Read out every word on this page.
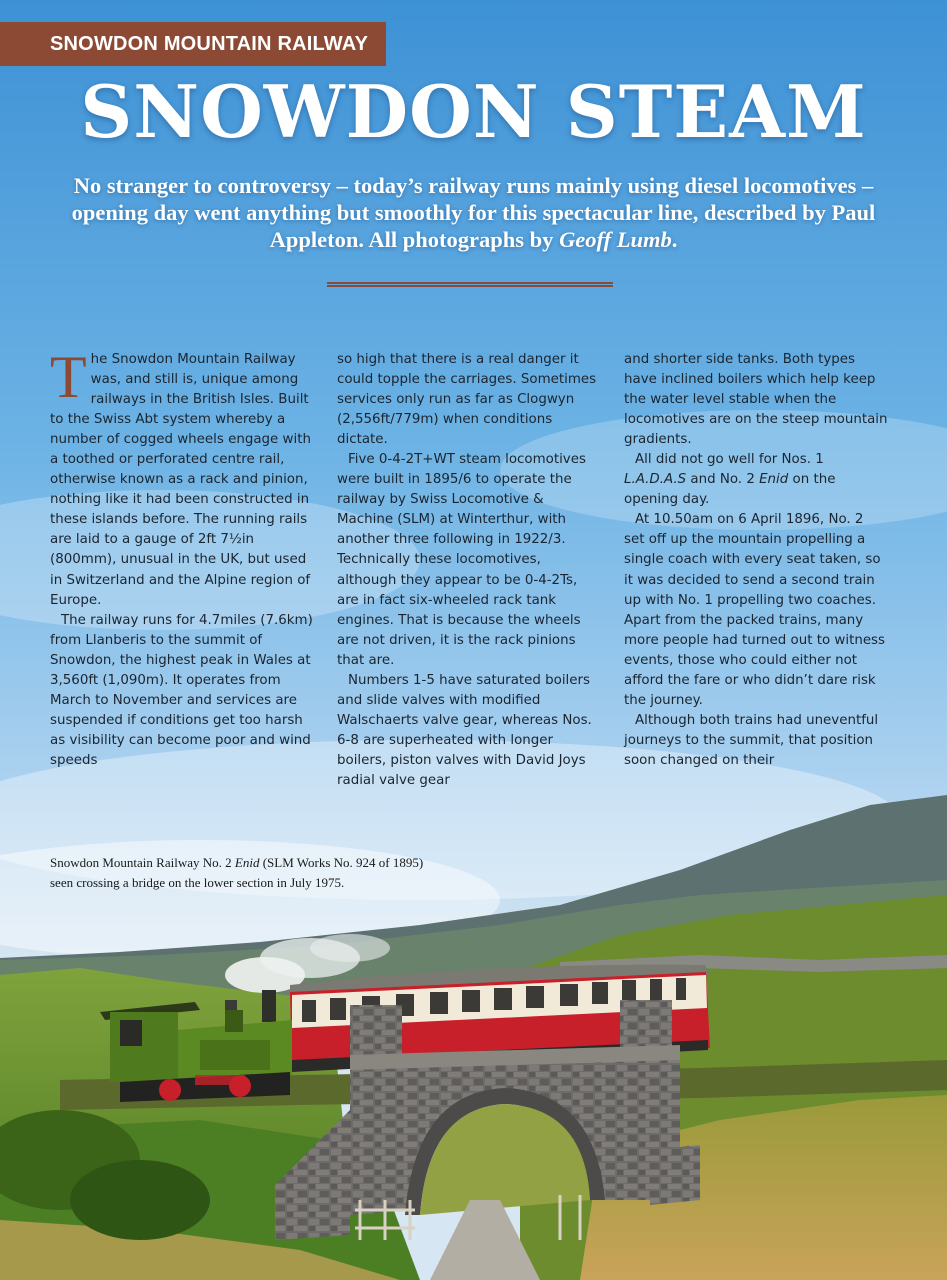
SNOWDON MOUNTAIN RAILWAY
SNOWDON STEAM
No stranger to controversy – today’s railway runs mainly using diesel locomotives – opening day went anything but smoothly for this spectacular line, described by Paul Appleton. All photographs by Geoff Lumb.

The Snowdon Mountain Railway was, and still is, unique among railways in the British Isles. Built to the Swiss Abt system whereby a number of cogged wheels engage with a toothed or perforated centre rail, otherwise known as a rack and pinion, nothing like it had been constructed in these islands before. The running rails are laid to a gauge of 2ft 7½in (800mm), unusual in the UK, but used in Switzerland and the Alpine region of Europe.

The railway runs for 4.7miles (7.6km) from Llanberis to the summit of Snowdon, the highest peak in Wales at 3,560ft (1,090m). It operates from March to November and services are suspended if conditions get too harsh as visibility can become poor and wind speeds

so high that there is a real danger it could topple the carriages. Sometimes services only run as far as Clogwyn (2,556ft/779m) when conditions dictate.

Five 0-4-2T+WT steam locomotives were built in 1895/6 to operate the railway by Swiss Locomotive & Machine (SLM) at Winterthur, with another three following in 1922/3. Technically these locomotives, although they appear to be 0-4-2Ts, are in fact six-wheeled rack tank engines. That is because the wheels are not driven, it is the rack pinions that are.

Numbers 1-5 have saturated boilers and slide valves with modified Walschaerts valve gear, whereas Nos. 6-8 are superheated with longer boilers, piston valves with David Joys radial valve gear

and shorter side tanks. Both types have inclined boilers which help keep the water level stable when the locomotives are on the steep mountain gradients.

All did not go well for Nos. 1 L.A.D.A.S and No. 2 Enid on the opening day.

At 10.50am on 6 April 1896, No. 2 set off up the mountain propelling a single coach with every seat taken, so it was decided to send a second train up with No. 1 propelling two coaches. Apart from the packed trains, many more people had turned out to witness events, those who could either not afford the fare or who didn’t dare risk the journey.

Although both trains had uneventful journeys to the summit, that position soon changed on their

Snowdon Mountain Railway No. 2 Enid (SLM Works No. 924 of 1895) seen crossing a bridge on the lower section in July 1975.
